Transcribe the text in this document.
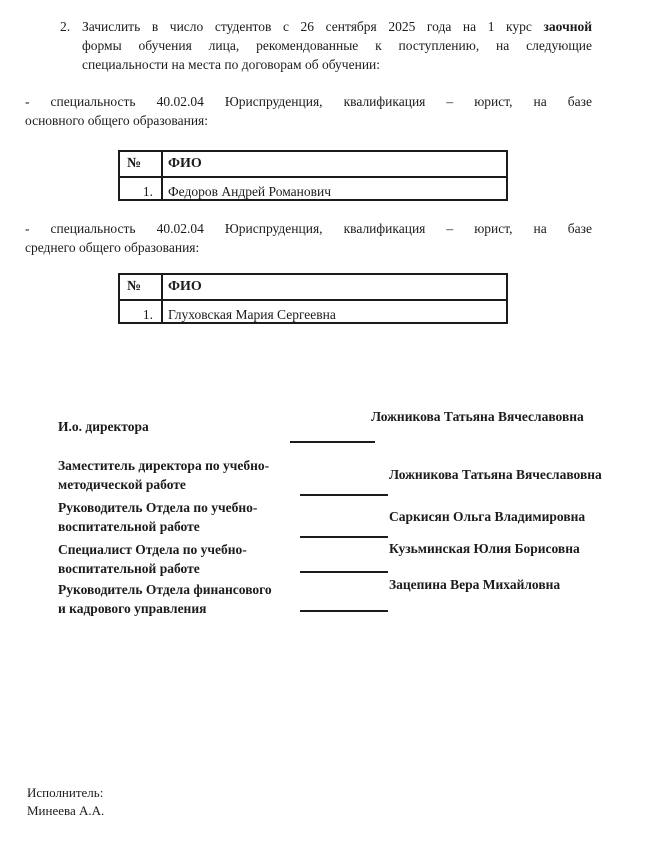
2. Зачислить в число студентов с 26 сентября 2025 года на 1 курс заочной
формы обучения лица, рекомендованные к поступлению, на следующие
специальности на места по договорам об обучении:
- специальность 40.02.04 Юриспруденция, квалификация – юрист, на базе
основного общего образования:
№	ФИО
1.	Федоров Андрей Романович
- специальность 40.02.04 Юриспруденция, квалификация – юрист, на базе
среднего общего образования:
№	ФИО
1.	Глуховская Мария Сергеевна
И.о. директора
Ложникова Татьяна Вячеславовна
Заместитель директора по учебно-
методической работе
Ложникова Татьяна Вячеславовна
Руководитель Отдела по учебно-
воспитательной работе
Саркисян Ольга Владимировна
Специалист Отдела по учебно-
воспитательной работе
Кузьминская Юлия Борисовна
Руководитель Отдела финансового
и кадрового управления
Зацепина Вера Михайловна
Исполнитель:
Минеева А.А.
